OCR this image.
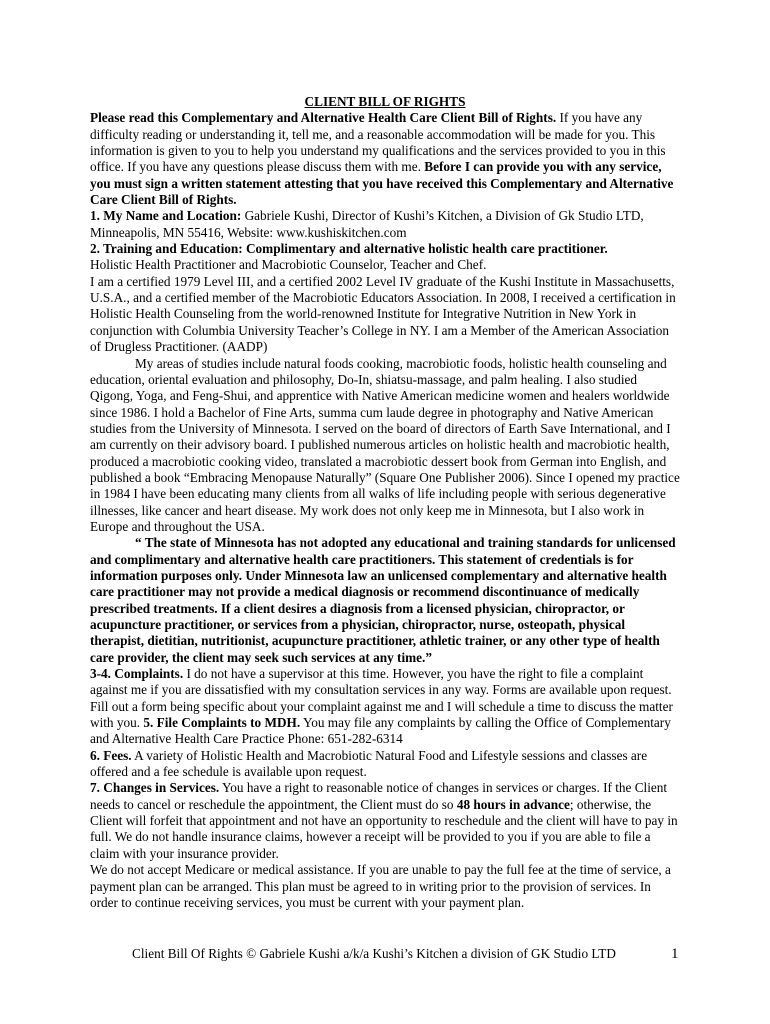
CLIENT BILL OF RIGHTS

Please read this Complementary and Alternative Health Care Client Bill of Rights. If you have any difficulty reading or understanding it, tell me, and a reasonable accommodation will be made for you. This information is given to you to help you understand my qualifications and the services provided to you in this office. If you have any questions please discuss them with me. Before I can provide you with any service, you must sign a written statement attesting that you have received this Complementary and Alternative Care Client Bill of Rights.

1. My Name and Location: Gabriele Kushi, Director of Kushi’s Kitchen, a Division of Gk Studio LTD, Minneapolis, MN 55416, Website: www.kushiskitchen.com

2. Training and Education: Complimentary and alternative holistic health care practitioner.

Holistic Health Practitioner and Macrobiotic Counselor, Teacher and Chef.

I am a certified 1979 Level III, and a certified 2002 Level IV graduate of the Kushi Institute in Massachusetts, U.S.A., and a certified member of the Macrobiotic Educators Association. In 2008, I received a certification in Holistic Health Counseling from the world-renowned Institute for Integrative Nutrition in New York in conjunction with Columbia University Teacher’s College in NY. I am a Member of the American Association of Drugless Practitioner. (AADP)

My areas of studies include natural foods cooking, macrobiotic foods, holistic health counseling and education, oriental evaluation and philosophy, Do-In, shiatsu-massage, and palm healing. I also studied Qigong, Yoga, and Feng-Shui, and apprentice with Native American medicine women and healers worldwide since 1986. I hold a Bachelor of Fine Arts, summa cum laude degree in photography and Native American studies from the University of Minnesota. I served on the board of directors of Earth Save International, and I am currently on their advisory board. I published numerous articles on holistic health and macrobiotic health, produced a macrobiotic cooking video, translated a macrobiotic dessert book from German into English, and published a book “Embracing Menopause Naturally” (Square One Publisher 2006). Since I opened my practice in 1984 I have been educating many clients from all walks of life including people with serious degenerative illnesses, like cancer and heart disease. My work does not only keep me in Minnesota, but I also work in Europe and throughout the USA.

“ The state of Minnesota has not adopted any educational and training standards for unlicensed and complimentary and alternative health care practitioners. This statement of credentials is for information purposes only. Under Minnesota law an unlicensed complementary and alternative health care practitioner may not provide a medical diagnosis or recommend discontinuance of medically prescribed treatments. If a client desires a diagnosis from a licensed physician, chiropractor, or acupuncture practitioner, or services from a physician, chiropractor, nurse, osteopath, physical therapist, dietitian, nutritionist, acupuncture practitioner, athletic trainer, or any other type of health care provider, the client may seek such services at any time.”

3-4. Complaints. I do not have a supervisor at this time. However, you have the right to file a complaint against me if you are dissatisfied with my consultation services in any way. Forms are available upon request. Fill out a form being specific about your complaint against me and I will schedule a time to discuss the matter with you. 5. File Complaints to MDH. You may file any complaints by calling the Office of Complementary and Alternative Health Care Practice Phone: 651-282-6314

6. Fees. A variety of Holistic Health and Macrobiotic Natural Food and Lifestyle sessions and classes are offered and a fee schedule is available upon request.

7. Changes in Services. You have a right to reasonable notice of changes in services or charges. If the Client needs to cancel or reschedule the appointment, the Client must do so 48 hours in advance; otherwise, the Client will forfeit that appointment and not have an opportunity to reschedule and the client will have to pay in full. We do not handle insurance claims, however a receipt will be provided to you if you are able to file a claim with your insurance provider.

We do not accept Medicare or medical assistance. If you are unable to pay the full fee at the time of service, a payment plan can be arranged. This plan must be agreed to in writing prior to the provision of services. In order to continue receiving services, you must be current with your payment plan.

Client Bill Of Rights © Gabriele Kushi a/k/a Kushi’s Kitchen a division of GK Studio LTD	1
